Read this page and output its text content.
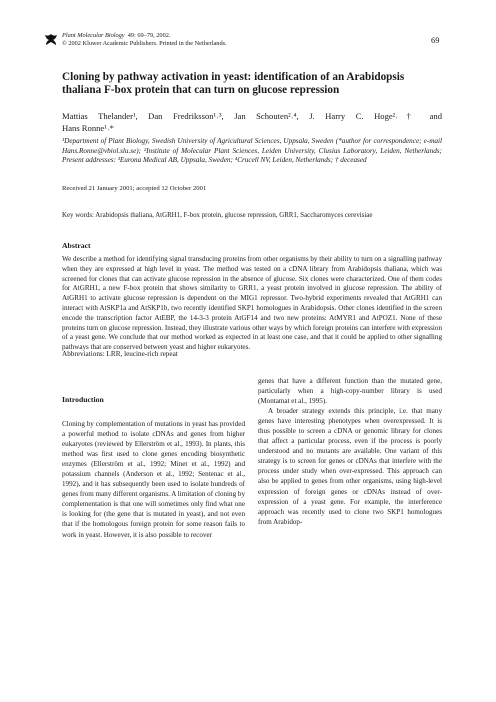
Plant Molecular Biology 49: 69–79, 2002.
© 2002 Kluwer Academic Publishers. Printed in the Netherlands.	69
Cloning by pathway activation in yeast: identification of an Arabidopsis
thaliana F-box protein that can turn on glucose repression
Mattias Thelander¹, Dan Fredriksson¹˒³, Jan Schouten²˒⁴, J. Harry C. Hoge²˒† and
Hans Ronne¹˒*
¹Department of Plant Biology, Swedish University of Agricultural Sciences, Uppsala, Sweden (*author for correspondence; e-mail Hans.Ronne@vbiol.slu.se); ²Institute of Molecular Plant Sciences, Leiden University, Clusius Laboratory, Leiden, Netherlands; Present addresses: ³Eurona Medical AB, Uppsala, Sweden; ⁴Crucell NV, Leiden, Netherlands; † deceased
Received 21 January 2001; accepted 12 October 2001
Key words: Arabidopsis thaliana, AtGRH1, F-box protein, glucose repression, GRR1, Saccharomyces cerevisiae
Abstract
We describe a method for identifying signal transducing proteins from other organisms by their ability to turn on a signalling pathway when they are expressed at high level in yeast. The method was tested on a cDNA library from Arabidopsis thaliana, which was screened for clones that can activate glucose repression in the absence of glucose. Six clones were characterized. One of them codes for AtGRH1, a new F-box protein that shows similarity to GRR1, a yeast protein involved in glucose repression. The ability of AtGRH1 to activate glucose repression is dependent on the MIG1 repressor. Two-hybrid experiments revealed that AtGRH1 can interact with AtSKP1a and AtSKP1b, two recently identified SKP1 homologues in Arabidopsis. Other clones identified in the screen encode the transcription factor AtEBP, the 14-3-3 protein AtGF14 and two new proteins: AtMYR1 and AtPOZ1. None of these proteins turn on glucose repression. Instead, they illustrate various other ways by which foreign proteins can interfere with expression of a yeast gene. We conclude that our method worked as expected in at least one case, and that it could be applied to other signalling pathways that are conserved between yeast and higher eukaryotes.
Abbreviations: LRR, leucine-rich repeat
Introduction

Cloning by complementation of mutations in yeast has provided a powerful method to isolate cDNAs and genes from higher eukaryotes (reviewed by Ellerström et al., 1993). In plants, this method was first used to clone genes encoding biosynthetic enzymes (Ellerström et al., 1992; Minet et al., 1992) and potassium channels (Anderson et al., 1992; Sentenac et al., 1992), and it has subsequently been used to isolate hundreds of genes from many different organisms. A limitation of cloning by complementation is that one will sometimes only find what one is looking for (the gene that is mutated in yeast), and not even that if the homologous foreign protein for some reason fails to work in yeast. However, it is also possible to recover

genes that have a different function than the mutated gene, particularly when a high-copy-number library is used (Montamat et al., 1995).

A broader strategy extends this principle, i.e. that many genes have interesting phenotypes when overexpressed. It is thus possible to screen a cDNA or genomic library for clones that affect a particular process, even if the process is poorly understood and no mutants are available. One variant of this strategy is to screen for genes or cDNAs that interfere with the process under study when over-expressed. This approach can also be applied to genes from other organisms, using high-level expression of foreign genes or cDNAs instead of over-expression of a yeast gene. For example, the interference approach was recently used to clone two SKP1 homologues from Arabidop-
